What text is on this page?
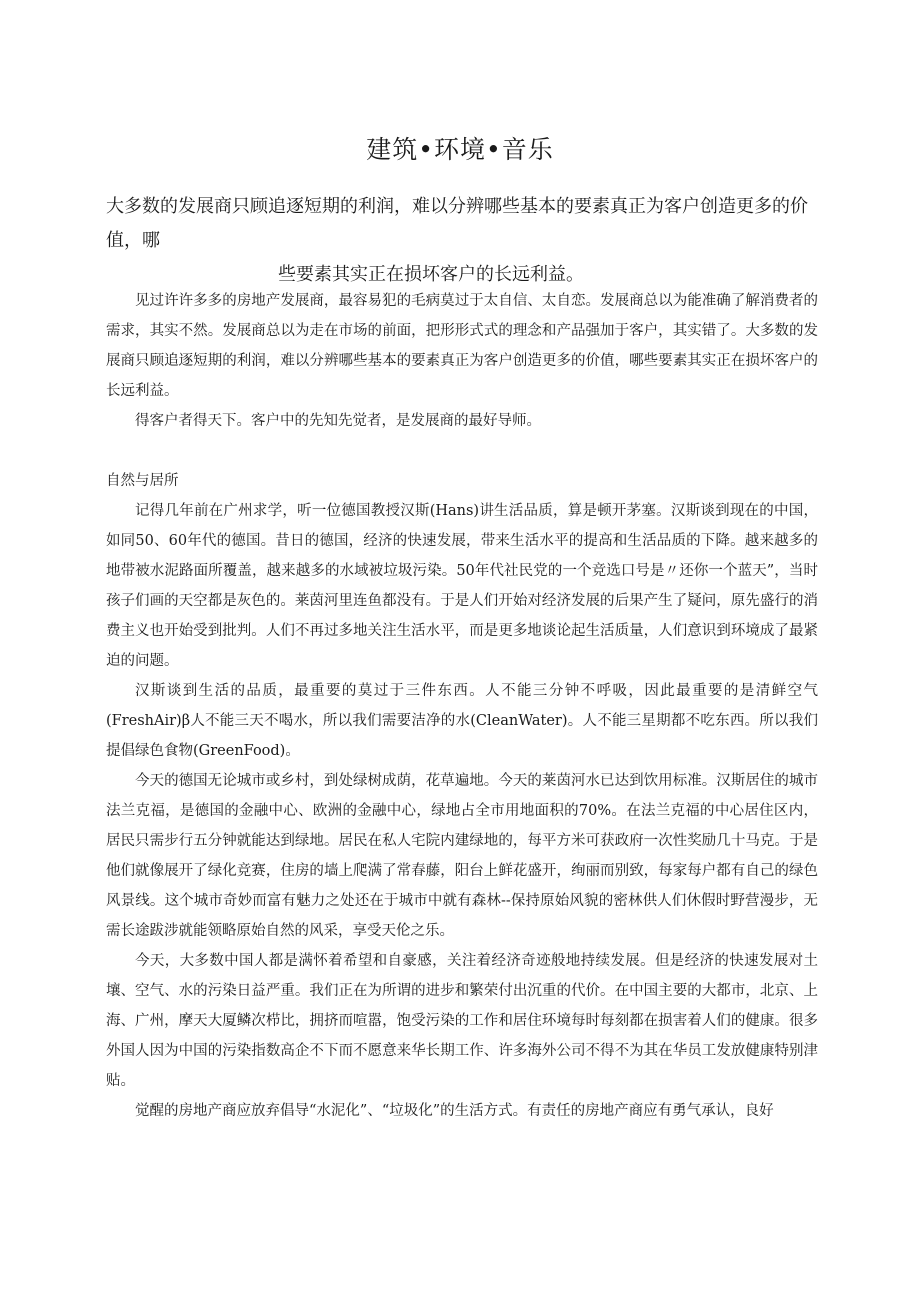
建筑•环境•音乐
大多数的发展商只顾追逐短期的利润，难以分辨哪些基本的要素真正为客户创造更多的价值，哪
些要素其实正在损坏客户的长远利益。

见过许许多多的房地产发展商，最容易犯的毛病莫过于太自信、太自恋。发展商总以为能准确了解消费者的需求，其实不然。发展商总以为走在市场的前面，把形形式式的理念和产品强加于客户，其实错了。大多数的发展商只顾追逐短期的利润，难以分辨哪些基本的要素真正为客户创造更多的价值，哪些要素其实正在损坏客户的长远利益。

得客户者得天下。客户中的先知先觉者，是发展商的最好导师。

自然与居所

记得几年前在广州求学，听一位德国教授汉斯(Hans)讲生活品质，算是顿开茅塞。汉斯谈到现在的中国，如同50、60年代的德国。昔日的德国，经济的快速发展，带来生活水平的提高和生活品质的下降。越来越多的地带被水泥路面所覆盖，越来越多的水域被垃圾污染。50年代社民党的一个竞选口号是〃还你一个蓝天”，当时孩子们画的天空都是灰色的。莱茵河里连鱼都没有。于是人们开始对经济发展的后果产生了疑问，原先盛行的消费主义也开始受到批判。人们不再过多地关注生活水平，而是更多地谈论起生活质量，人们意识到环境成了最紧迫的问题。

汉斯谈到生活的品质，最重要的莫过于三件东西。人不能三分钟不呼吸，因此最重要的是清鲜空气(FreshAir)β人不能三天不喝水，所以我们需要洁净的水(CleanWater)。人不能三星期都不吃东西。所以我们提倡绿色食物(GreenFood)。

今天的德国无论城市或乡村，到处绿树成荫，花草遍地。今天的莱茵河水已达到饮用标准。汉斯居住的城市法兰克福，是德国的金融中心、欧洲的金融中心，绿地占全市用地面积的70%。在法兰克福的中心居住区内，居民只需步行五分钟就能达到绿地。居民在私人宅院内建绿地的，每平方米可获政府一次性奖励几十马克。于是他们就像展开了绿化竞赛，住房的墙上爬满了常春藤，阳台上鲜花盛开，绚丽而别致，每家每户都有自己的绿色风景线。这个城市奇妙而富有魅力之处还在于城市中就有森林--保持原始风貌的密林供人们休假时野营漫步，无需长途跋涉就能领略原始自然的风采，享受天伦之乐。

今天，大多数中国人都是满怀着希望和自豪感，关注着经济奇迹般地持续发展。但是经济的快速发展对土壤、空气、水的污染日益严重。我们正在为所谓的进步和繁荣付出沉重的代价。在中国主要的大都市，北京、上海、广州，摩天大厦鳞次栉比，拥挤而喧嚣，饱受污染的工作和居住环境每时每刻都在损害着人们的健康。很多外国人因为中国的污染指数高企不下而不愿意来华长期工作、许多海外公司不得不为其在华员工发放健康特别津贴。

觉醒的房地产商应放弃倡导“水泥化”、“垃圾化”的生活方式。有责任的房地产商应有勇气承认，良好
